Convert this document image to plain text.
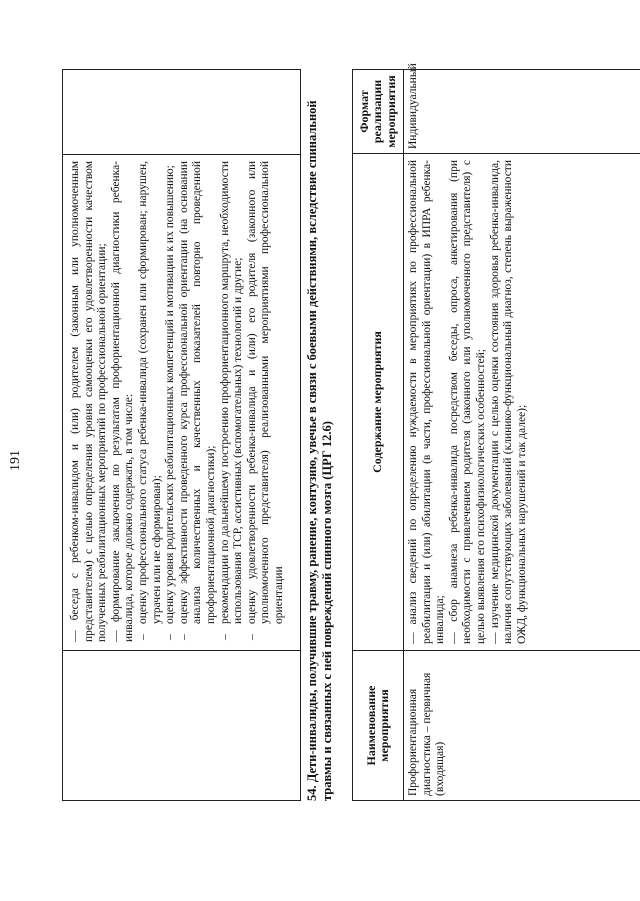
191	— беседа с ребенком-инвалидом и (или) родителем (законным или уполномоченным представителем) с целью определения уровня самооценки его удовлетворенности качеством полученных реабилитационных мероприятий по профессиональной ориентации; — формирование заключения по результатам профориентационной диагностики ребенка-инвалида, которое должно содержать, в том числе: –
оценку профессионального статуса ребенка-инвалида (сохранен или сформирован; нарушен, утрачен или не сформирован);
–
оценку уровня родительских реабилитационных компетенций и мотивации к их повышению;
–
оценку эффективности проведенного курса профессиональной ориентации (на основании анализа количественных и качественных показателей повторно проведенной профориентационной диагностики);
–
рекомендации по дальнейшему построению профориентационного маршрута, необходимости использования ТСР, ассистивных (вспомогательных) технологий и другие;
–
оценку удовлетворенности ребенка-инвалида и (или) его родителя (законного или уполномоченного представителя) реализованными мероприятиями профессиональной ориентации 54. Дети-инвалиды, получившие травму, ранение, контузию, увечье в связи с боевыми действиями, вследствие спинальной травмы и связанных с ней повреждений спинного мозга (ЦРГ 12.6)	Наименование мероприятия
Содержание мероприятия
Формат реализации мероприятия
Профориентационная диагностика – первичная (входящая)
— анализ сведений по определению нуждаемости в мероприятиях по профессиональной реабилитации и (или) абилитации (в части, профессиональной ориентации) в ИПРА ребенка-инвалида; — сбор анамнеза ребенка-инвалида посредством беседы, опроса, анкетирования (при необходимости с привлечением родителя (законного или уполномоченного представителя) с целью выявления его психофизиологических особенностей; — изучение медицинской документации с целью оценки состояния здоровья ребенка-инвалида, наличия сопутствующих заболеваний (клинико-функциональный диагноз, степень выраженности ОЖД, функциональных нарушений и так далее);
Индивидуальный
